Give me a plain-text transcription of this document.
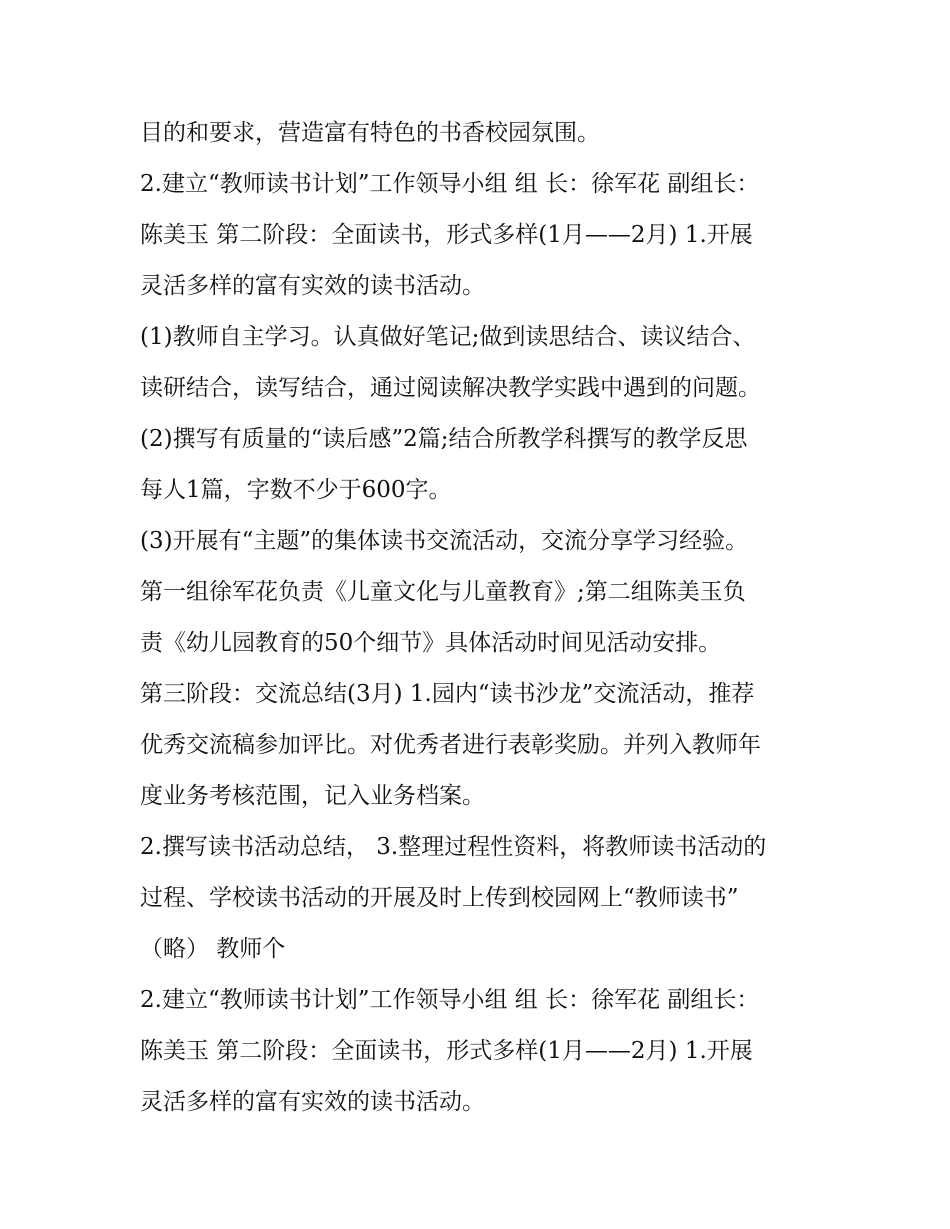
目的和要求，营造富有特色的书香校园氛围。
2.建立“教师读书计划”工作领导小组 组 长：徐军花 副组长：
陈美玉 第二阶段：全面读书，形式多样(1月——2月) 1.开展
灵活多样的富有实效的读书活动。
(1)教师自主学习。认真做好笔记;做到读思结合、读议结合、
读研结合，读写结合，通过阅读解决教学实践中遇到的问题。
(2)撰写有质量的“读后感”2篇;结合所教学科撰写的教学反思
每人1篇，字数不少于600字。
(3)开展有“主题”的集体读书交流活动，交流分享学习经验。
第一组徐军花负责《儿童文化与儿童教育》;第二组陈美玉负
责《幼儿园教育的50个细节》具体活动时间见活动安排。
第三阶段：交流总结(3月) 1.园内“读书沙龙”交流活动，推荐
优秀交流稿参加评比。对优秀者进行表彰奖励。并列入教师年
度业务考核范围，记入业务档案。
2.撰写读书活动总结， 3.整理过程性资料，将教师读书活动的
过程、学校读书活动的开展及时上传到校园网上“教师读书”
（略） 教师个
2.建立“教师读书计划”工作领导小组 组 长：徐军花 副组长：
陈美玉 第二阶段：全面读书，形式多样(1月——2月) 1.开展
灵活多样的富有实效的读书活动。
